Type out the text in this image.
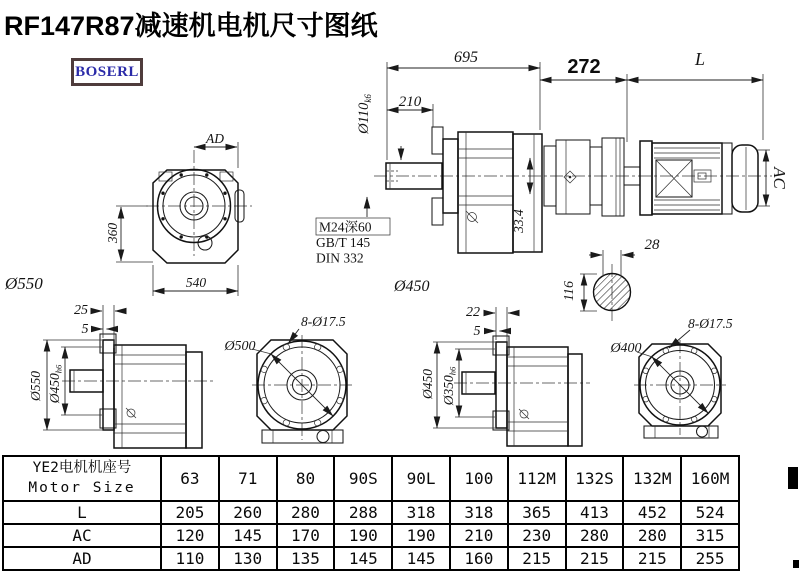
RF147R87减速机电机尺寸图纸
BOSERL
AD
360
540
Ø550
695
210
$Ø110_{k6}$
272	L
33.4
M24深60
GB/T 145
DIN 332
Ø450
AC
28
116
25
5
Ø550 Ø450h6
Ø500
8-Ø17.5
22
5
Ø450 Ø350h6
Ø400
8-Ø17.5
YE2电机机座号
Motor Size	63	71	80	90S	90L	100	112M	132S	132M	160M
L	205	260	280	288	318	318	365	413	452	524
AC	120	145	170	190	190	210	230	280	280	315
AD	110	130	135	145	145	160	215	215	215	255
